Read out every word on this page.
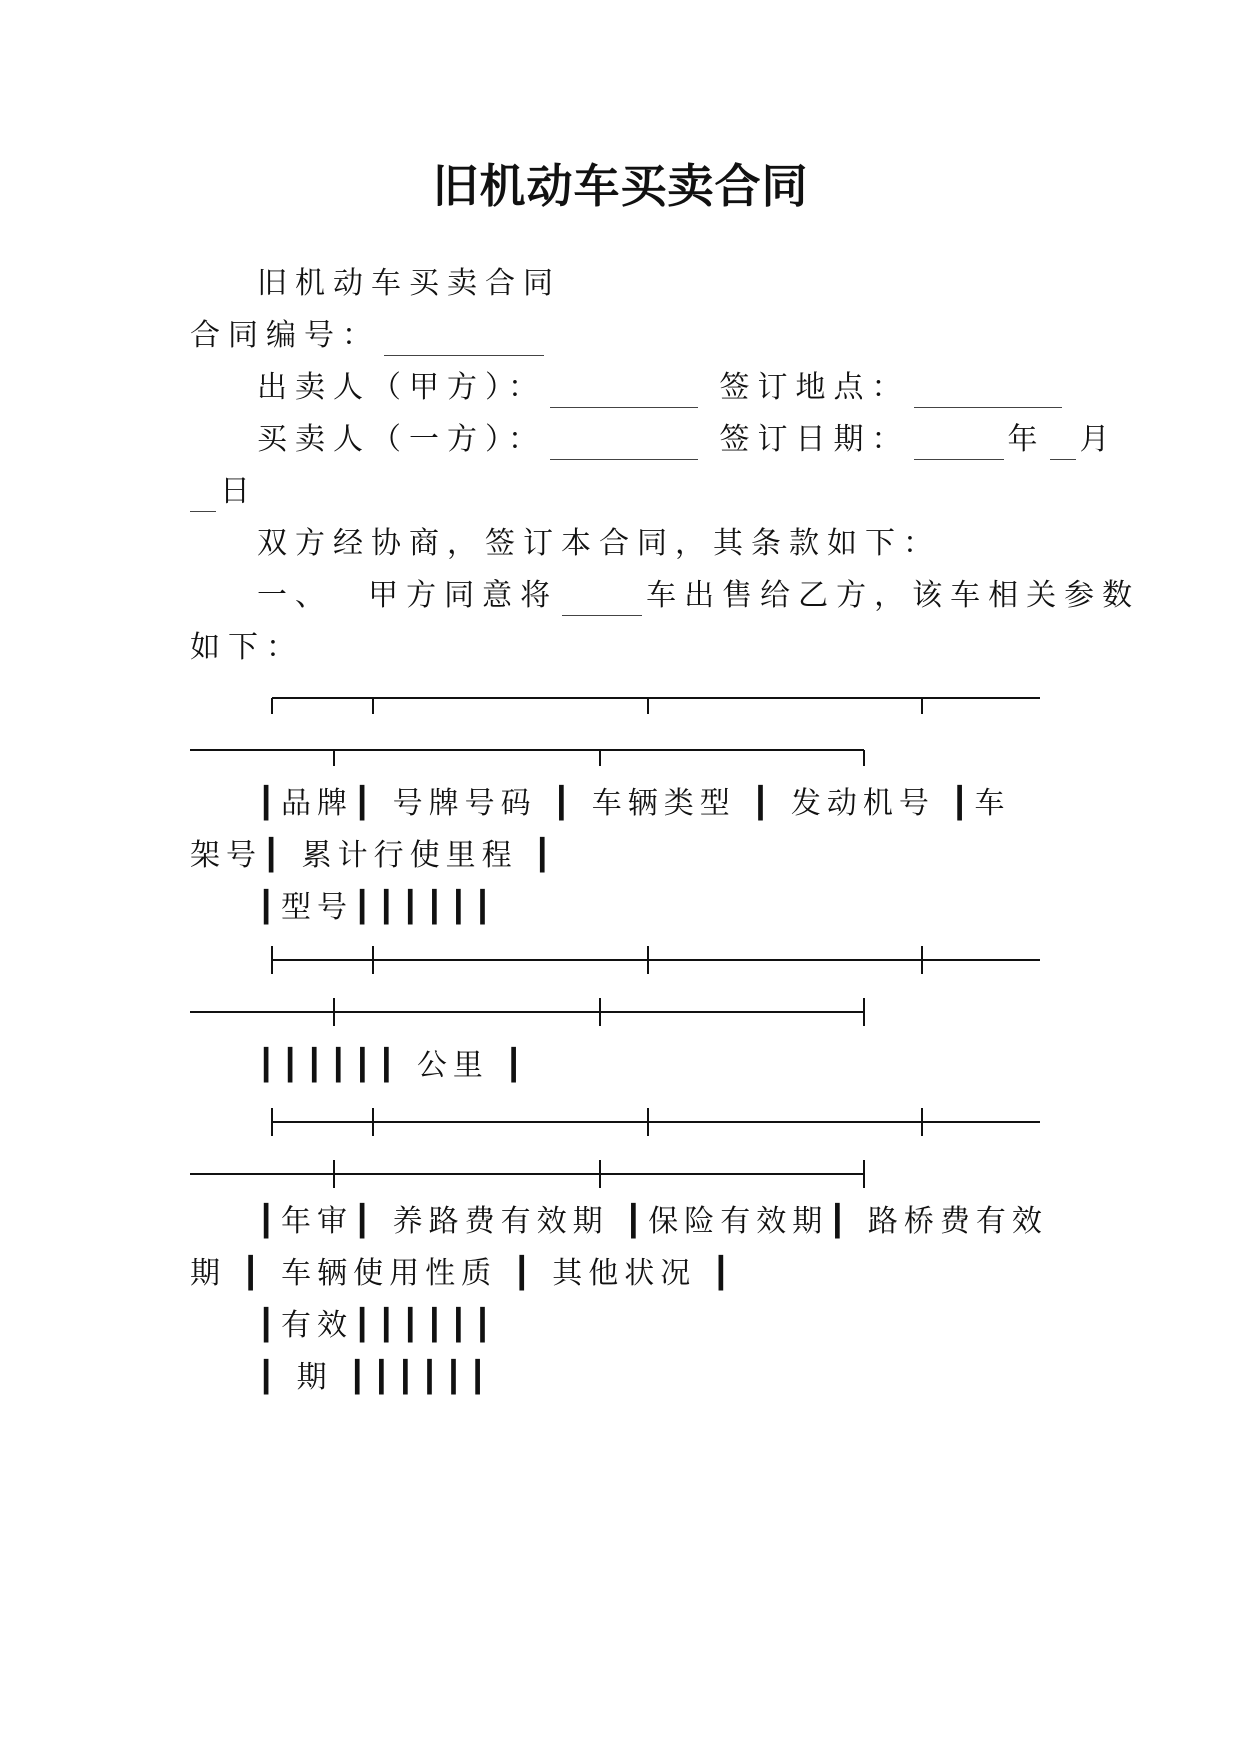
旧机动车买卖合同
旧机动车买卖合同
合同编号：
出卖人（甲方）：	签订地点：
买卖人（一方）：	签订日期：	年 月
日
双方经协商，签订本合同，其条款如下：
一、 甲方同意将	车出售给乙方，该车相关参数
如下：
┃品牌┃ 号牌号码 ┃ 车辆类型 ┃ 发动机号 ┃车
架号┃ 累计行使里程 ┃
┃型号┃┃┃┃┃┃
┃┃┃┃┃┃ 公里 ┃
┃年审┃ 养路费有效期 ┃保险有效期┃ 路桥费有效
期 ┃ 车辆使用性质 ┃ 其他状况 ┃
┃有效┃┃┃┃┃┃
┃ 期 ┃┃┃┃┃┃
